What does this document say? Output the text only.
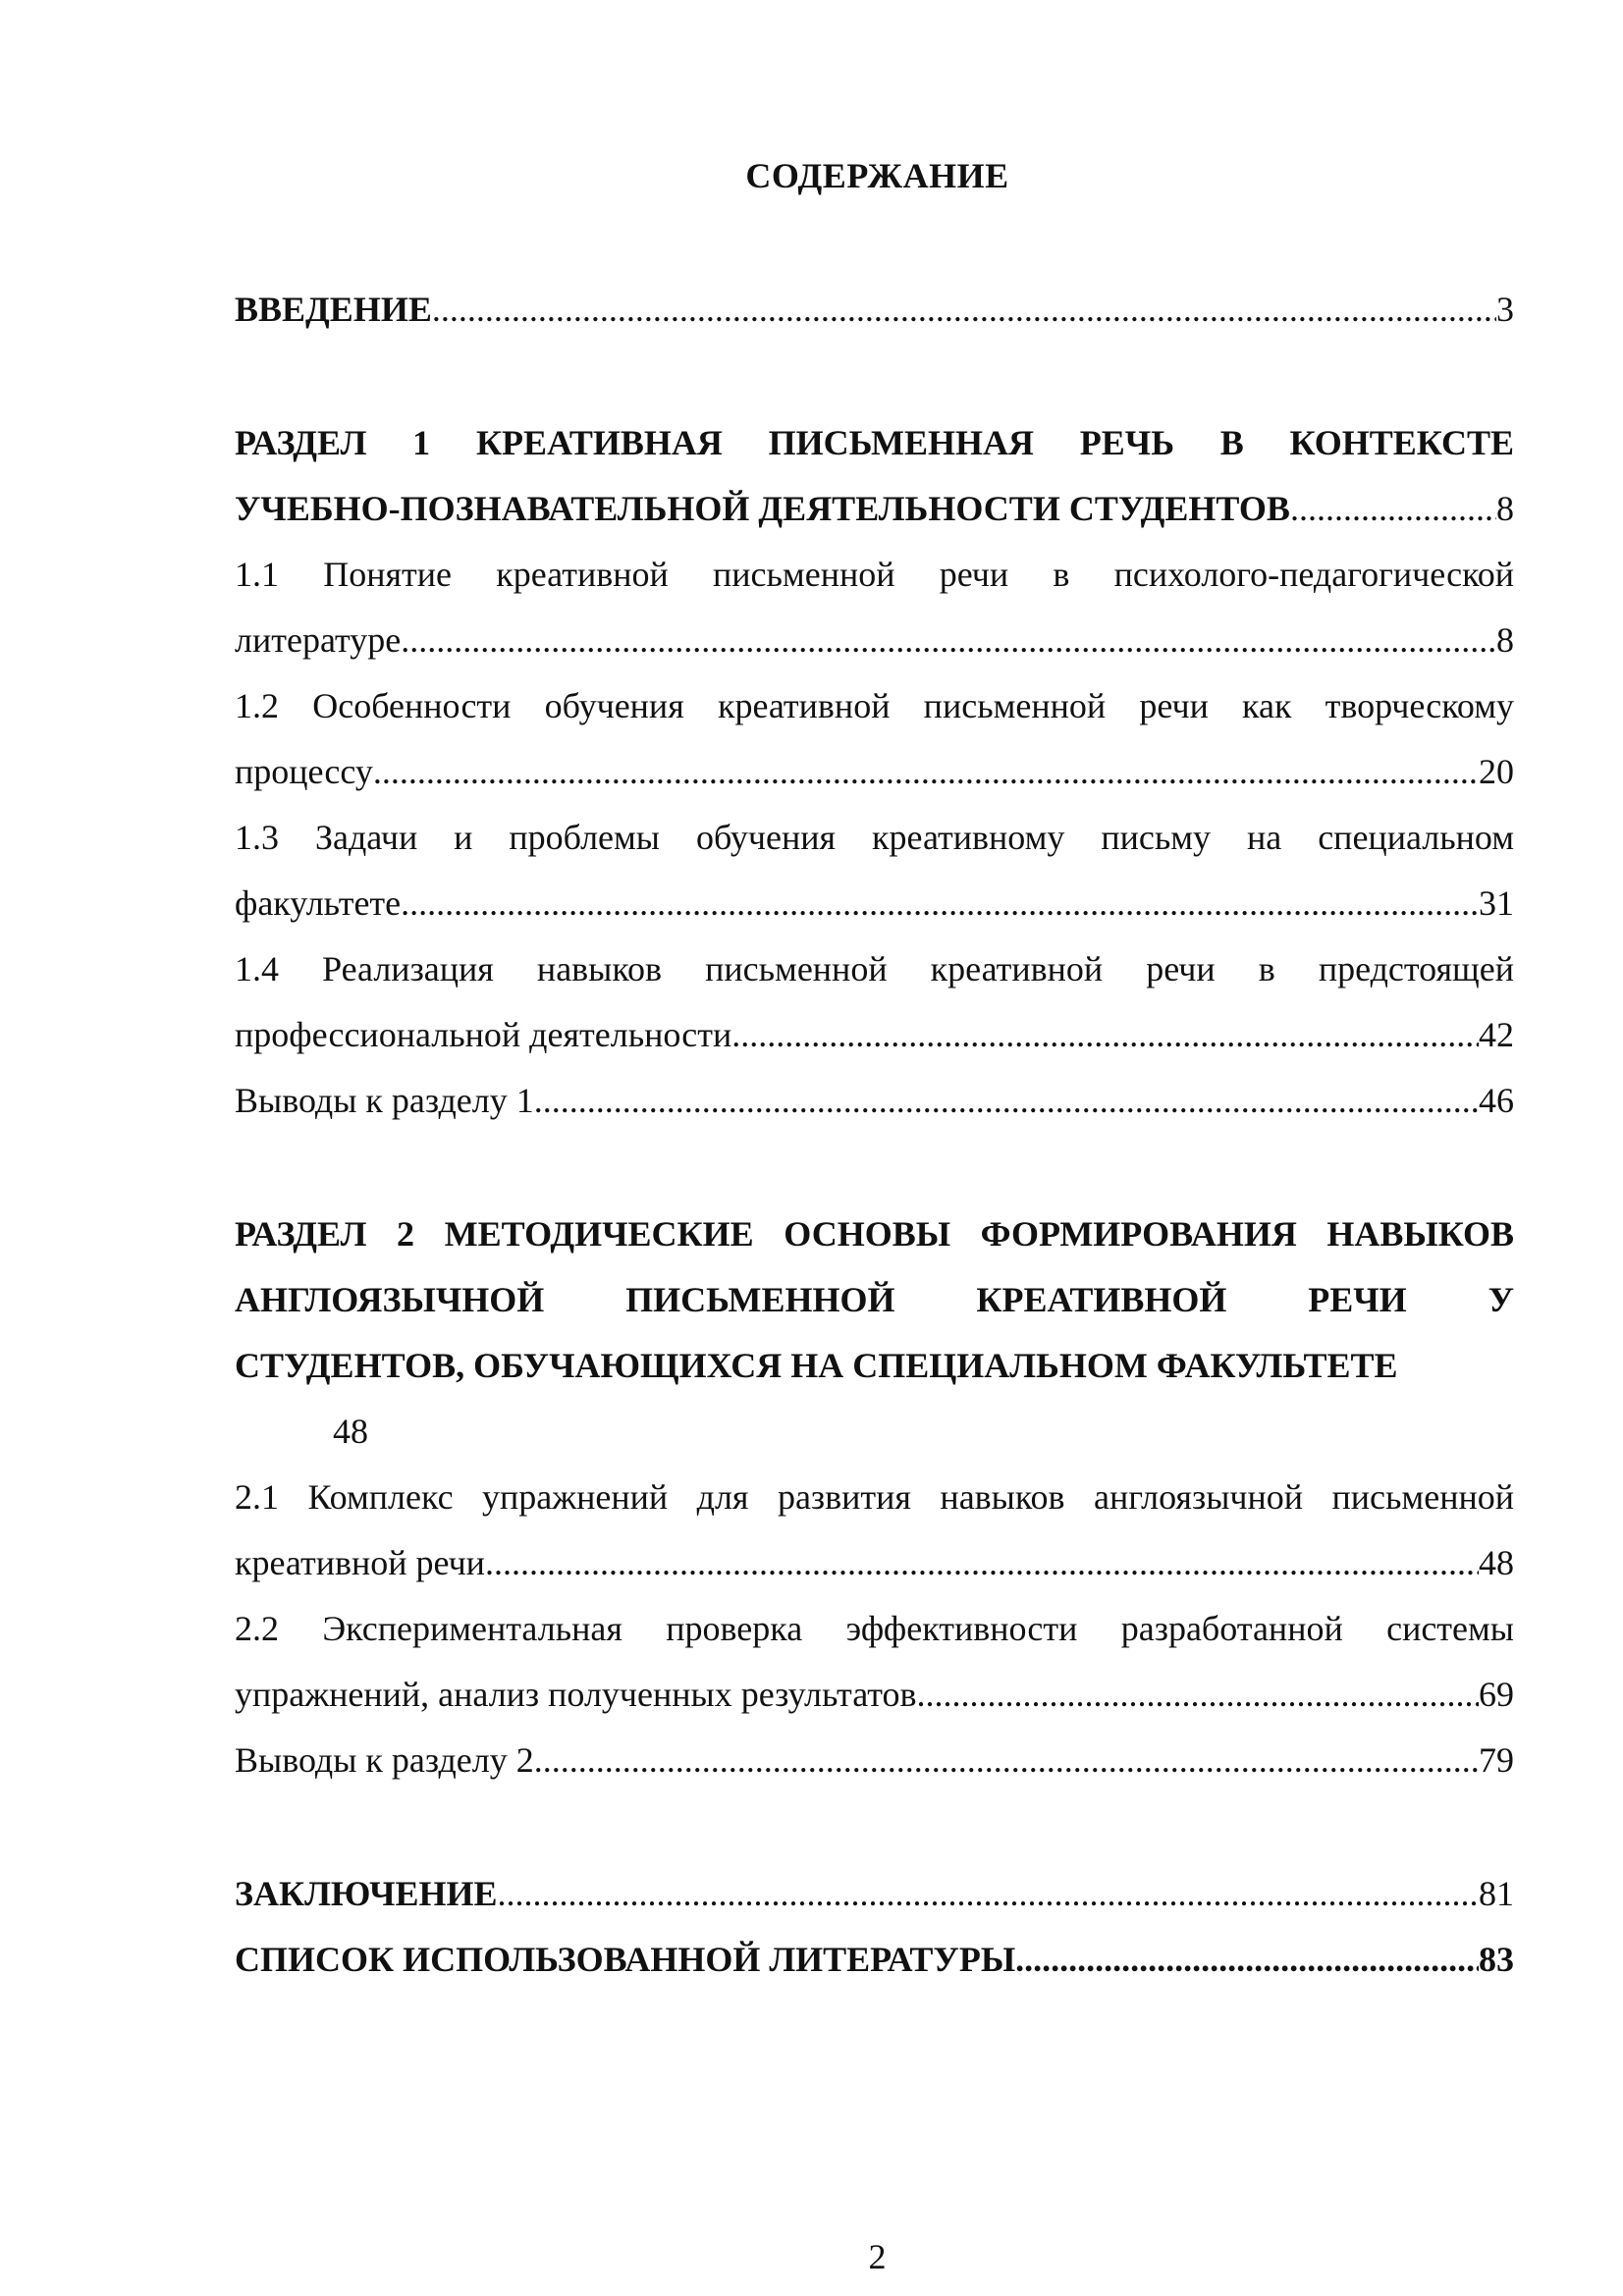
СОДЕРЖАНИЕ
ВВЕДЕНИЕ .....	3
РАЗДЕЛ 1 КРЕАТИВНАЯ ПИСЬМЕННАЯ РЕЧЬ В КОНТЕКСТЕ
УЧЕБНО-ПОЗНАВАТЕЛЬНОЙ ДЕЯТЕЛЬНОСТИ СТУДЕНТОВ .....	8
1.1 Понятие креативной письменной речи в психолого-педагогической
литературе .....	8
1.2 Особенности обучения креативной письменной речи как творческому
процессу .....	20
1.3 Задачи и проблемы обучения креативному письму на специальном
факультете .....	31
1.4 Реализация навыков письменной креативной речи в предстоящей
профессиональной деятельности .....	42
Выводы к разделу 1 .....	46
РАЗДЕЛ 2 МЕТОДИЧЕСКИЕ ОСНОВЫ ФОРМИРОВАНИЯ НАВЫКОВ
АНГЛОЯЗЫЧНОЙ ПИСЬМЕННОЙ КРЕАТИВНОЙ РЕЧИ У
СТУДЕНТОВ, ОБУЧАЮЩИХСЯ НА СПЕЦИАЛЬНОМ ФАКУЛЬТЕТЕ
48
2.1 Комплекс упражнений для развития навыков англоязычной письменной
креативной речи .....	48
2.2 Экспериментальная проверка эффективности разработанной системы
упражнений, анализ полученных результатов .....	69
Выводы к разделу 2 .....	79
ЗАКЛЮЧЕНИЕ .....	81
СПИСОК ИСПОЛЬЗОВАННОЙ ЛИТЕРАТУРЫ .....	83
2
